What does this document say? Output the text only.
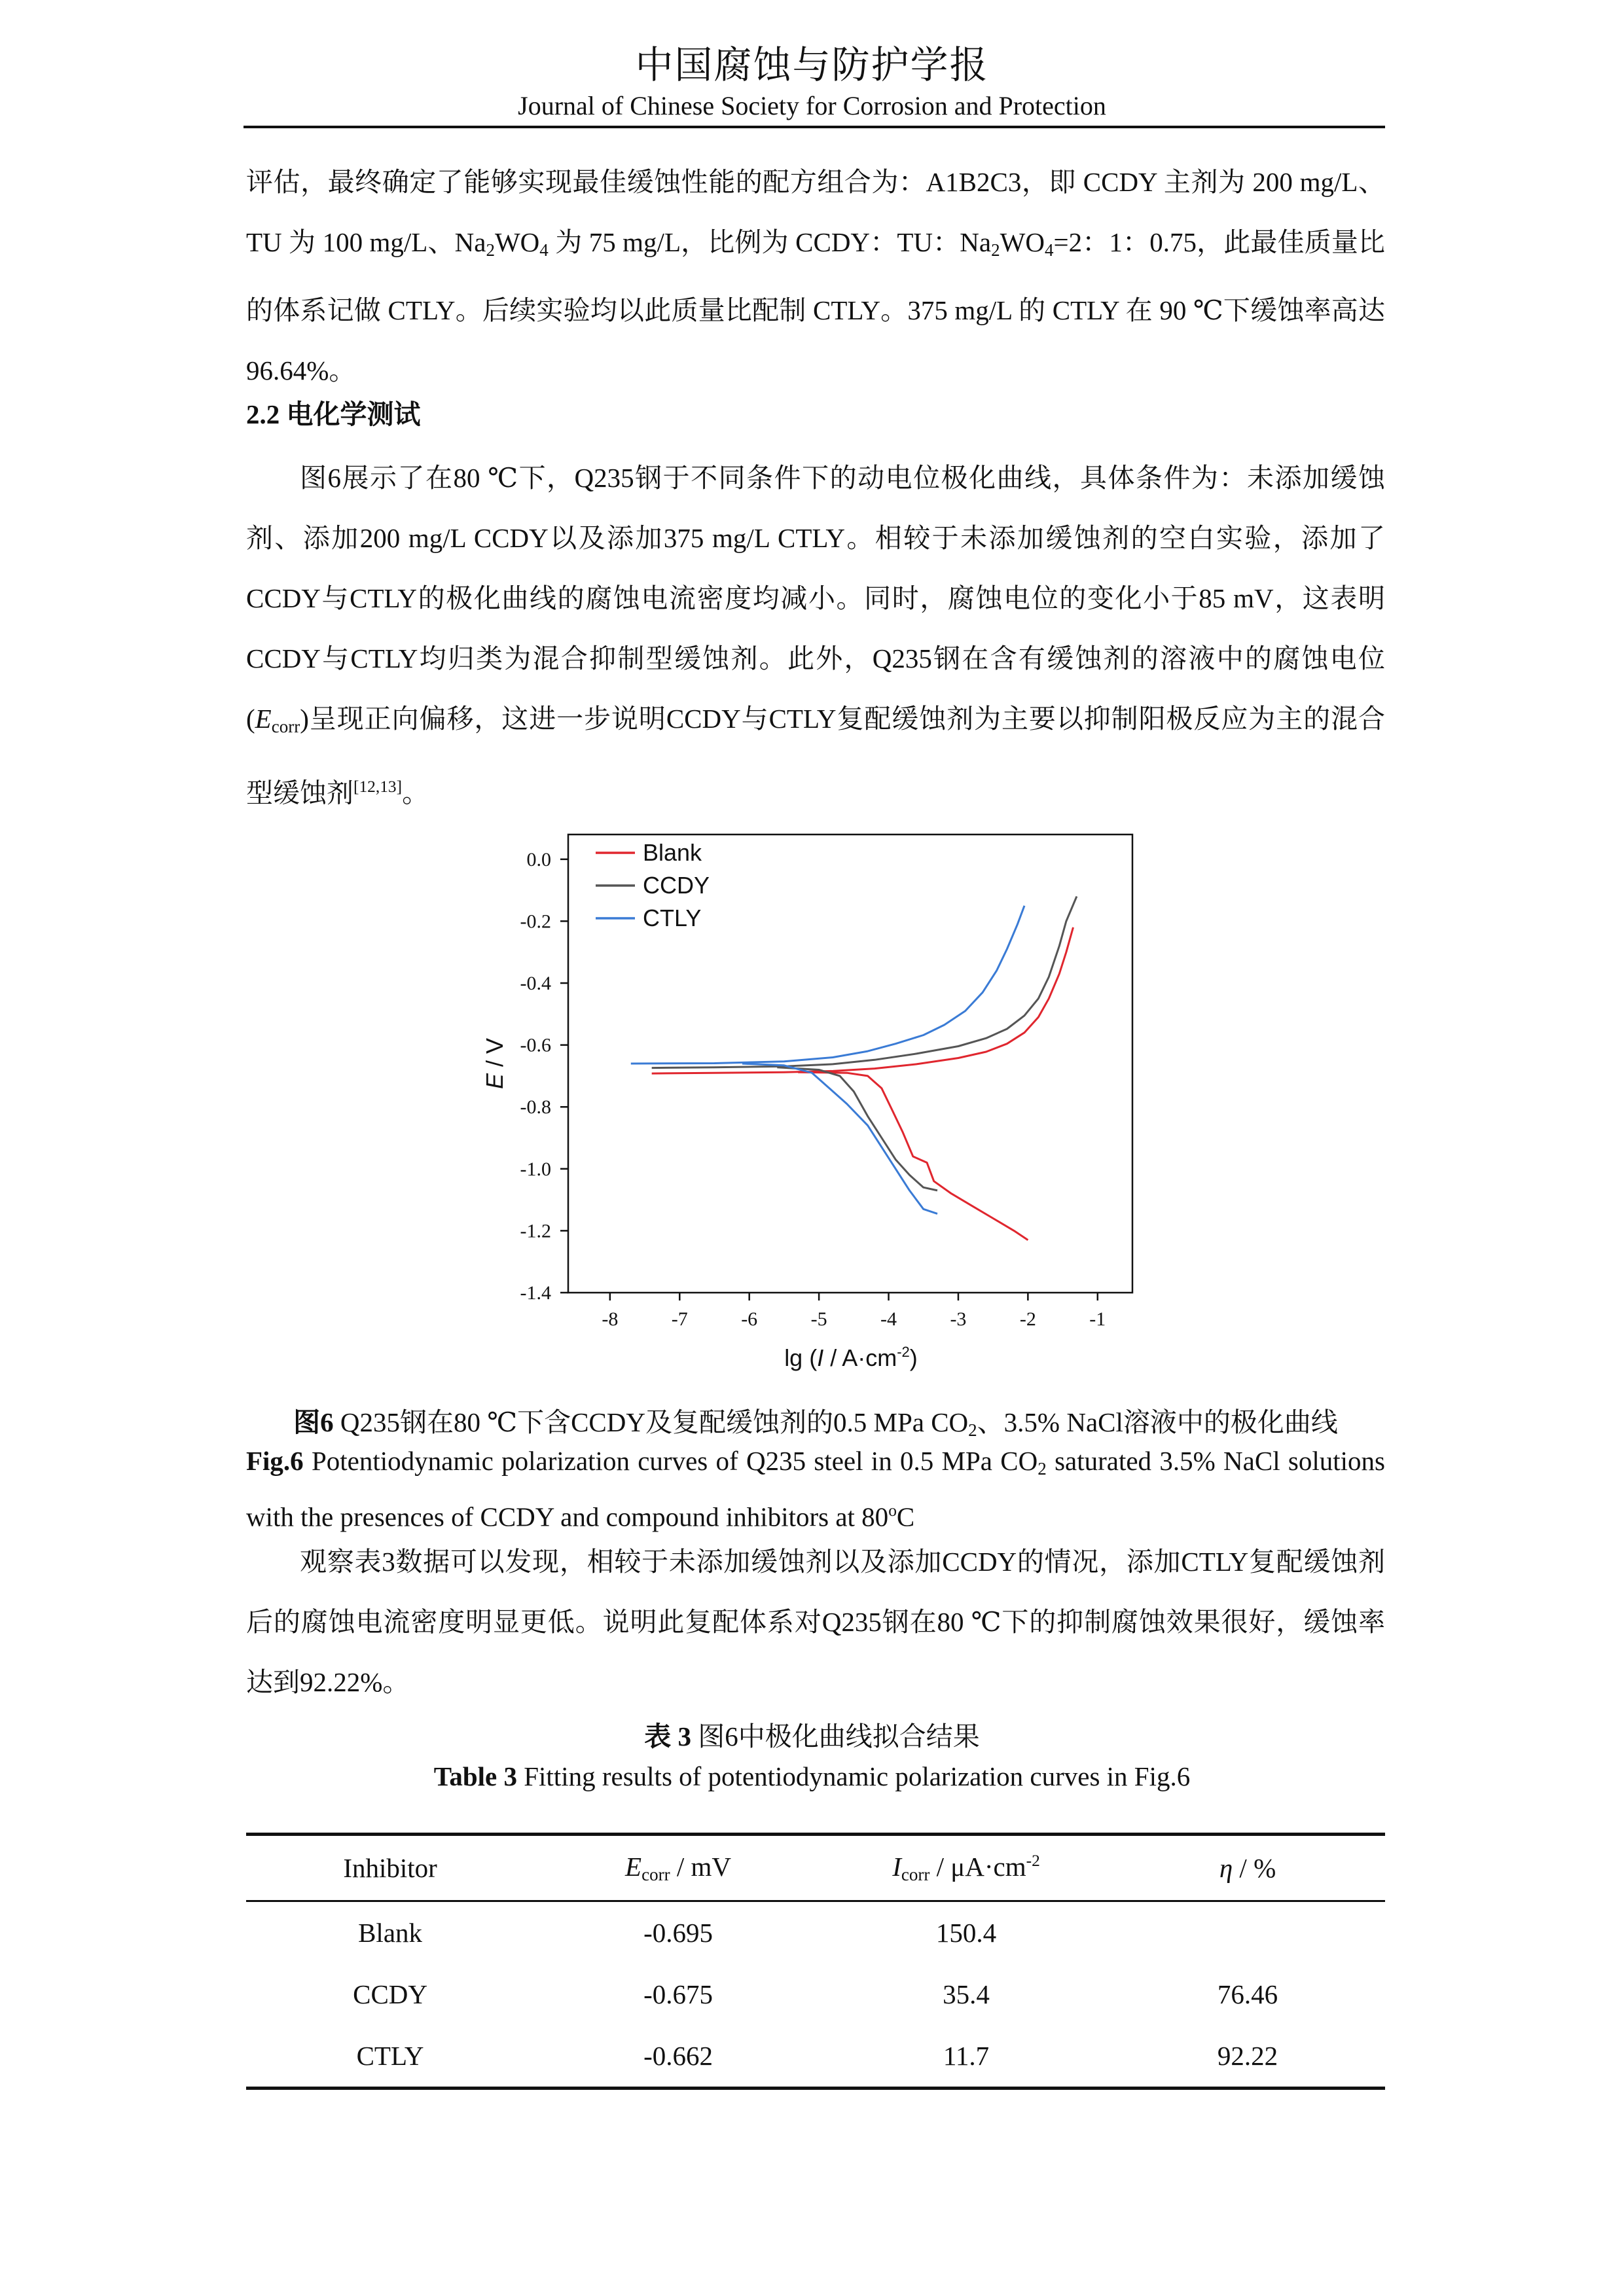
中国腐蚀与防护学报
Journal of Chinese Society for Corrosion and Protection

评估，最终确定了能够实现最佳缓蚀性能的配方组合为：A1B2C3，即 CCDY 主剂为 200 mg/L、TU 为 100 mg/L、$Na_2WO_4$ 为 75 mg/L，比例为 CCDY：TU：$Na_2WO_4=2$：1：0.75，此最佳质量比的体系记做 CTLY。后续实验均以此质量比配制 CTLY。375 mg/L 的 CTLY 在 90 ℃下缓蚀率高达 96.64%。

2.2 电化学测试

图6展示了在80 ℃下，Q235钢于不同条件下的动电位极化曲线，具体条件为：未添加缓蚀剂、添加200 mg/L CCDY以及添加375 mg/L CTLY。相较于未添加缓蚀剂的空白实验，添加了CCDY与CTLY的极化曲线的腐蚀电流密度均减小。同时，腐蚀电位的变化小于85 mV，这表明CCDY与CTLY均归类为混合抑制型缓蚀剂。此外，Q235钢在含有缓蚀剂的溶液中的腐蚀电位$(E_{corr})$呈现正向偏移，这进一步说明CCDY与CTLY复配缓蚀剂为主要以抑制阳极反应为主的混合型缓蚀剂[12,13]。

-8	-7	-6	-5	-4	-3	-2	-1
0.0
-0.2
-0.4
-0.6
-0.8
-1.0
-1.2
-1.4
Blank
CCDY
CTLY
$\lg (I / A\cdot cm^{-2})$
E / V
图6 Q235钢在80 ℃下含CCDY及复配缓蚀剂的0.5 MPa $CO_2$、3.5% NaCl溶液中的极化曲线
Fig.6 Potentiodynamic polarization curves of Q235 steel in 0.5 MPa $CO_2$ saturated 3.5% NaCl solutions with the presences of CCDY and compound inhibitors at 80$^o$C

观察表3数据可以发现，相较于未添加缓蚀剂以及添加CCDY的情况，添加CTLY复配缓蚀剂后的腐蚀电流密度明显更低。说明此复配体系对Q235钢在80 ℃下的抑制腐蚀效果很好，缓蚀率达到92.22%。

表 3 图6中极化曲线拟合结果
Table 3 Fitting results of potentiodynamic polarization curves in Fig.6
Inhibitor	$E_{corr}$ / mV	$I_{corr} / \mu A\cdot cm^{-2}$	η / %
Blank	-0.695	150.4	
CCDY	-0.675	35.4	76.46
CTLY	-0.662	11.7	92.22
